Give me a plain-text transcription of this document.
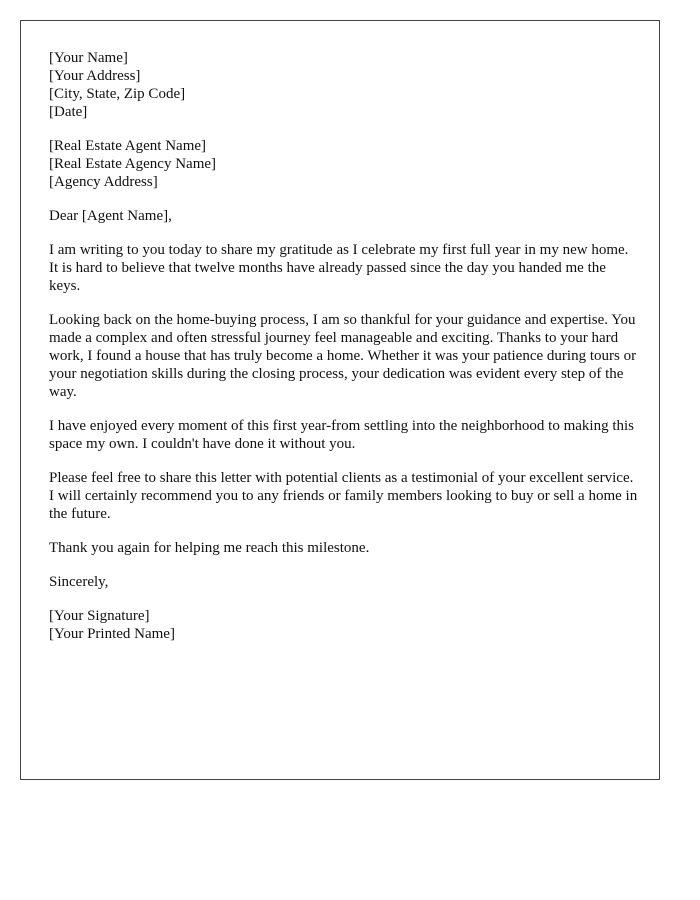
[Your Name]
[Your Address]
[City, State, Zip Code]
[Date]
[Real Estate Agent Name]
[Real Estate Agency Name]
[Agency Address]

Dear [Agent Name],

I am writing to you today to share my gratitude as I celebrate my first full year in my new home. It is hard to believe that twelve months have already passed since the day you handed me the keys.

Looking back on the home-buying process, I am so thankful for your guidance and expertise. You made a complex and often stressful journey feel manageable and exciting. Thanks to your hard work, I found a house that has truly become a home. Whether it was your patience during tours or your negotiation skills during the closing process, your dedication was evident every step of the way.

I have enjoyed every moment of this first year-from settling into the neighborhood to making this space my own. I couldn't have done it without you.

Please feel free to share this letter with potential clients as a testimonial of your excellent service. I will certainly recommend you to any friends or family members looking to buy or sell a home in the future.

Thank you again for helping me reach this milestone.

Sincerely,

[Your Signature]
[Your Printed Name]
